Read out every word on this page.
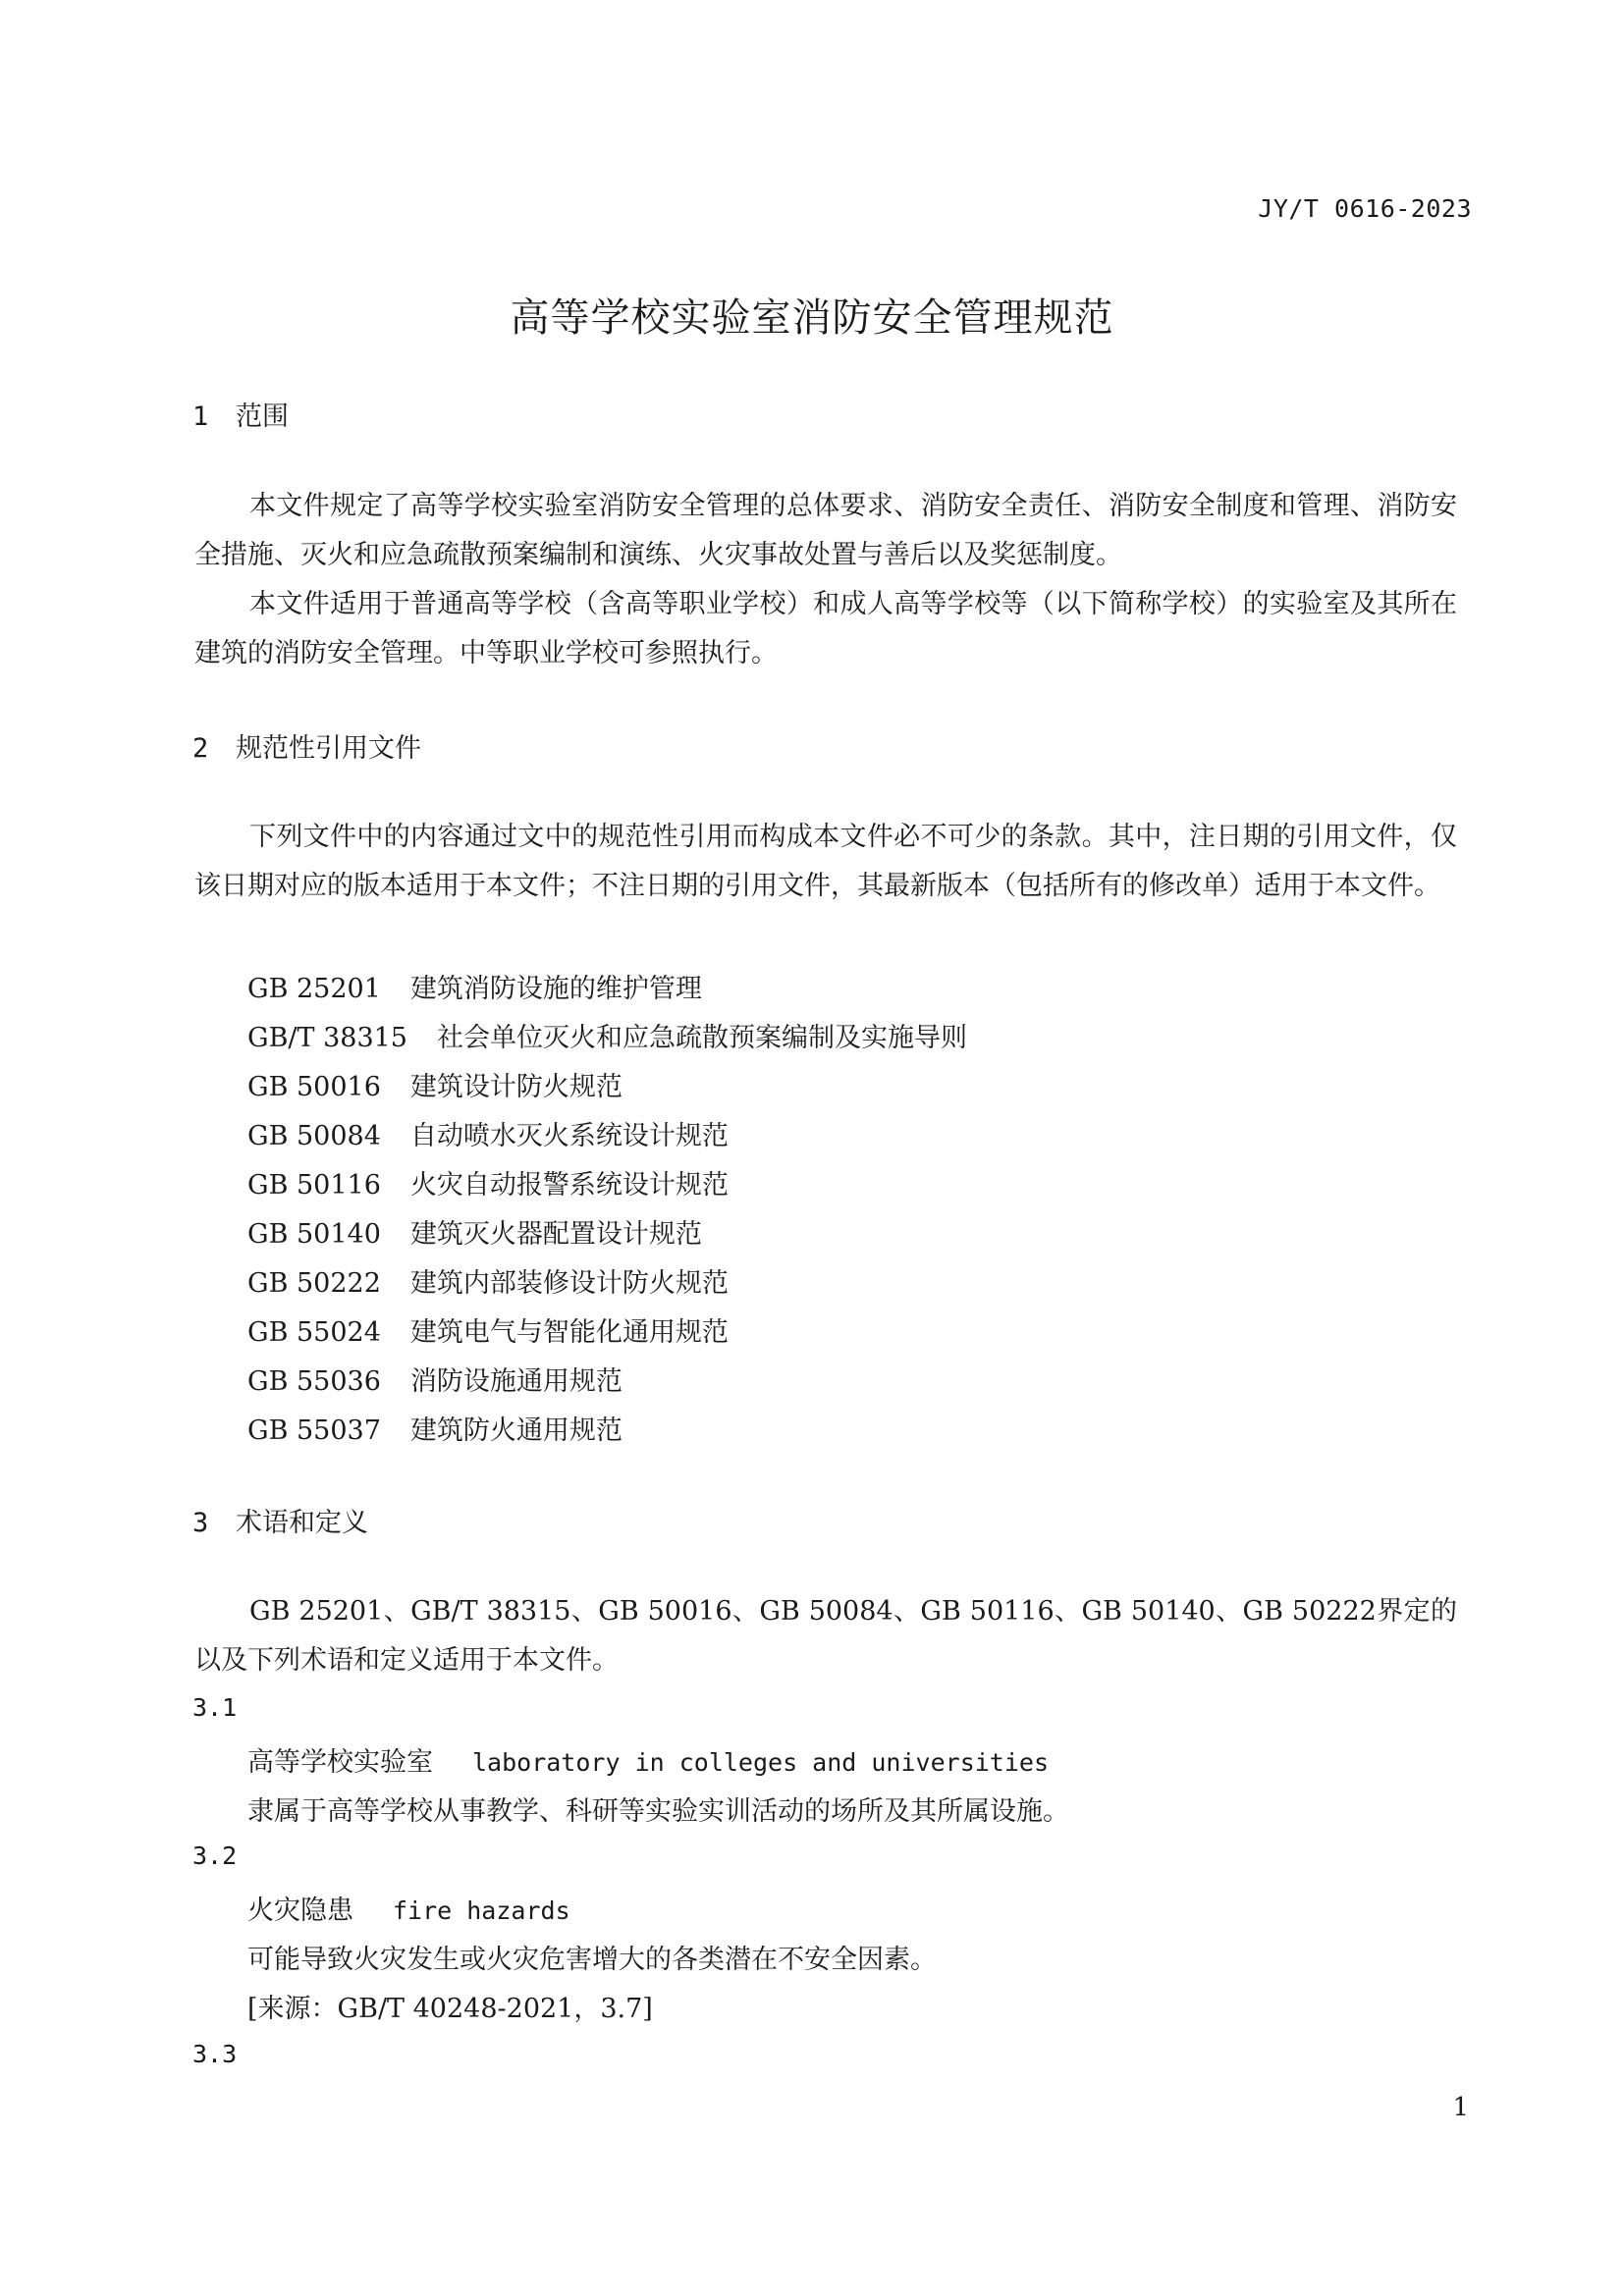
JY/T 0616-2023
高等学校实验室消防安全管理规范
1 范围
本文件规定了高等学校实验室消防安全管理的总体要求、消防安全责任、消防安全制度和管理、消防安全措施、灭火和应急疏散预案编制和演练、火灾事故处置与善后以及奖惩制度。
本文件适用于普通高等学校（含高等职业学校）和成人高等学校等（以下简称学校）的实验室及其所在建筑的消防安全管理。中等职业学校可参照执行。
2 规范性引用文件
下列文件中的内容通过文中的规范性引用而构成本文件必不可少的条款。其中，注日期的引用文件，仅该日期对应的版本适用于本文件；不注日期的引用文件，其最新版本（包括所有的修改单）适用于本文件。
GB 25201 建筑消防设施的维护管理
GB/T 38315 社会单位灭火和应急疏散预案编制及实施导则
GB 50016 建筑设计防火规范
GB 50084 自动喷水灭火系统设计规范
GB 50116 火灾自动报警系统设计规范
GB 50140 建筑灭火器配置设计规范
GB 50222 建筑内部装修设计防火规范
GB 55024 建筑电气与智能化通用规范
GB 55036 消防设施通用规范
GB 55037 建筑防火通用规范
3 术语和定义
GB 25201、GB/T 38315、GB 50016、GB 50084、GB 50116、GB 50140、GB 50222界定的以及下列术语和定义适用于本文件。
3.1
高等学校实验室 laboratory in colleges and universities
隶属于高等学校从事教学、科研等实验实训活动的场所及其所属设施。
3.2
火灾隐患 fire hazards
可能导致火灾发生或火灾危害增大的各类潜在不安全因素。
[来源：GB/T 40248-2021，3.7]
3.3
1
